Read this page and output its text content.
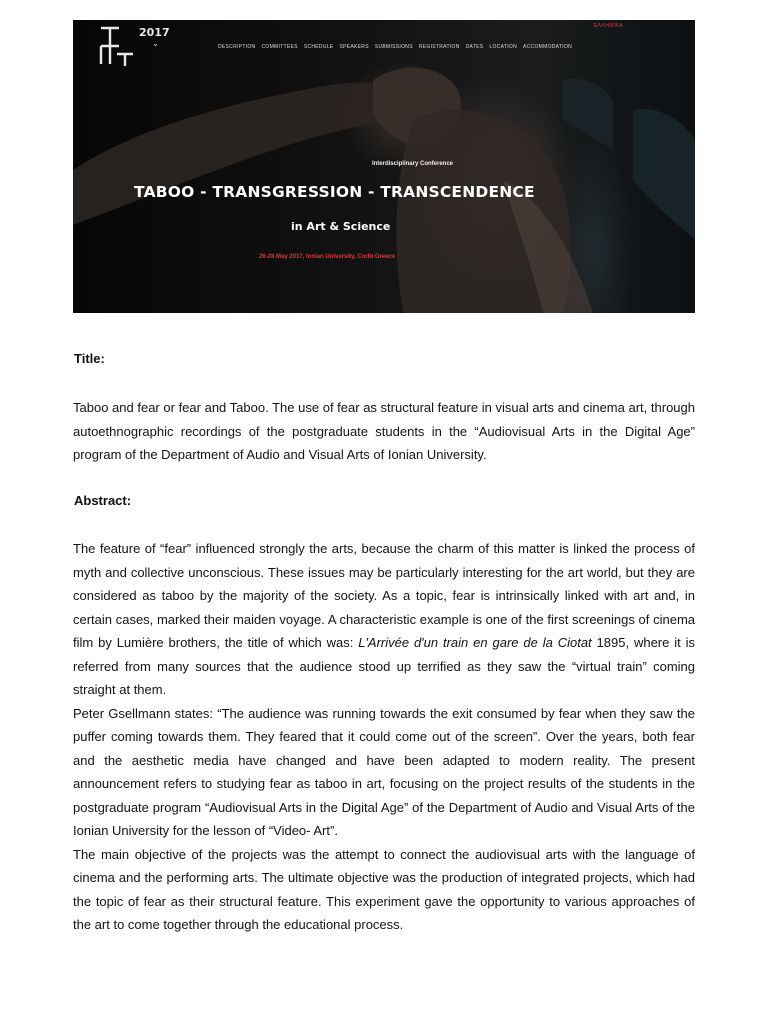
2017
⌄
ΕΛΛΗΝΙΚΑ
DESCRIPTION COMMITTEES SCHEDULE SPEAKERS SUBMISSIONS REGISTRATION DATES LOCATION ACCOMMODATION
Interdisciplinary Conference
TABOO - TRANSGRESSION - TRANSCENDENCE
in Art & Science
26-28 May 2017, Ionian University, Corfu Greece
Title:
Taboo and fear or fear and Taboo. The use of fear as structural feature in visual arts and cinema art, through autoethnographic recordings of the postgraduate students in the “Audiovisual Arts in the Digital Age” program of the Department of Audio and Visual Arts of Ionian University.
Abstract:
The feature of “fear” influenced strongly the arts, because the charm of this matter is linked the process of myth and collective unconscious. These issues may be particularly interesting for the art world, but they are considered as taboo by the majority of the society. As a topic, fear is intrinsically linked with art and, in certain cases, marked their maiden voyage. A characteristic example is one of the first screenings of cinema film by Lumière brothers, the title of which was: L'Arrivée d'un train en gare de la Ciotat 1895, where it is referred from many sources that the audience stood up terrified as they saw the “virtual train” coming straight at them.
Peter Gsellmann states: “The audience was running towards the exit consumed by fear when they saw the puffer coming towards them. They feared that it could come out of the screen”. Over the years, both fear and the aesthetic media have changed and have been adapted to modern reality. The present announcement refers to studying fear as taboo in art, focusing on the project results of the students in the postgraduate program “Audiovisual Arts in the Digital Age” of the Department of Audio and Visual Arts of the Ionian University for the lesson of “Video- Art”.
The main objective of the projects was the attempt to connect the audiovisual arts with the language of cinema and the performing arts. The ultimate objective was the production of integrated projects, which had the topic of fear as their structural feature. This experiment gave the opportunity to various approaches of the art to come together through the educational process.
